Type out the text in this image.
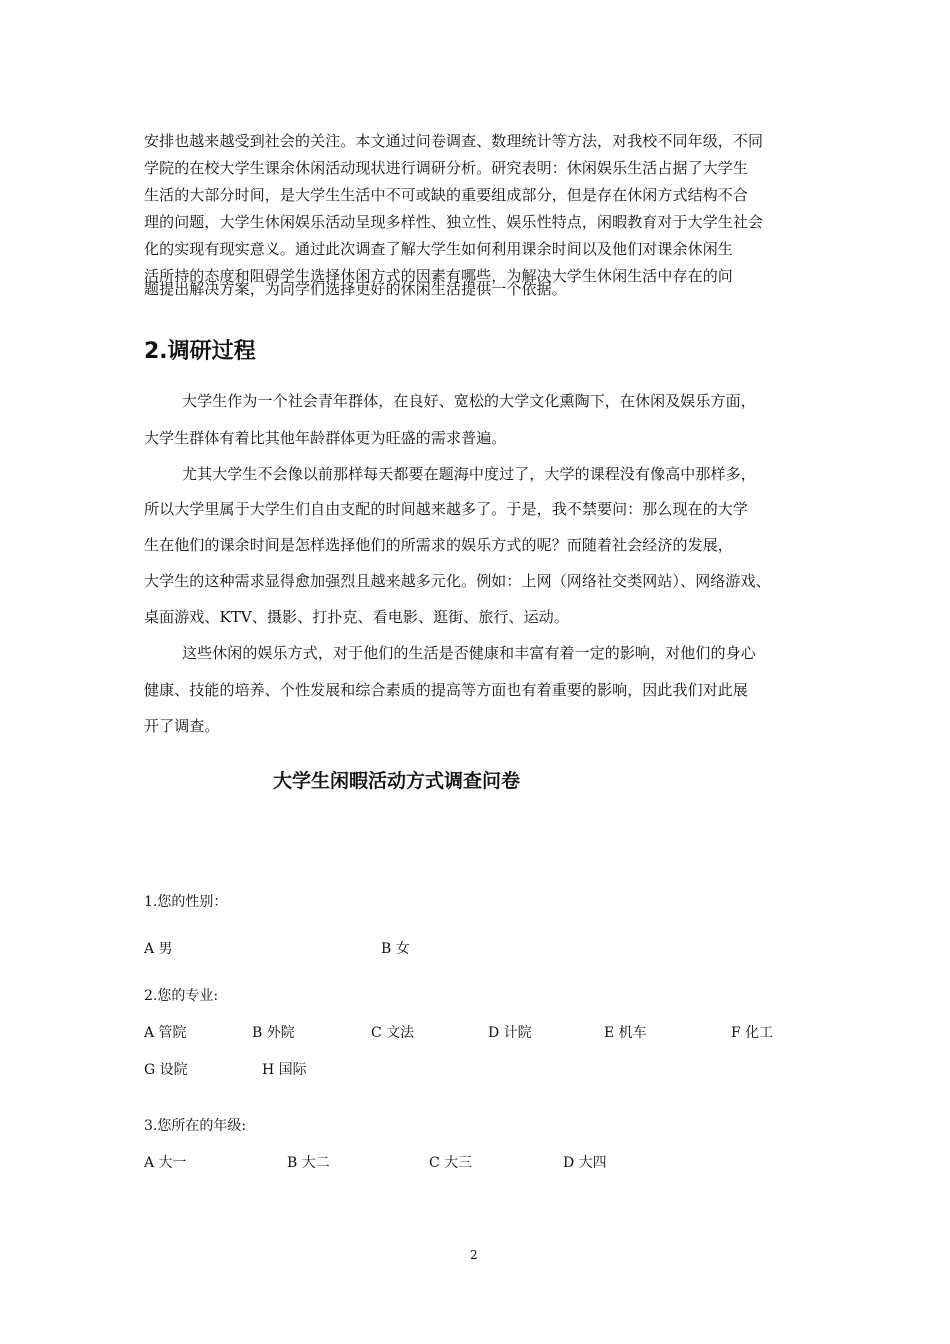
安排也越来越受到社会的关注。本文通过问卷调查、数理统计等方法，对我校不同年级，不同
学院的在校大学生课余休闲活动现状进行调研分析。研究表明：休闲娱乐生活占据了大学生
生活的大部分时间，是大学生生活中不可或缺的重要组成部分，但是存在休闲方式结构不合
理的问题，大学生休闲娱乐活动呈现多样性、独立性、娱乐性特点，闲暇教育对于大学生社会
化的实现有现实意义。通过此次调查了解大学生如何利用课余时间以及他们对课余休闲生
活所持的态度和阻碍学生选择休闲方式的因素有哪些，为解决大学生休闲生活中存在的问
题提出解决方案，为同学们选择更好的休闲生活提供一个依据。
2.调研过程
大学生作为一个社会青年群体，在良好、宽松的大学文化熏陶下，在休闲及娱乐方面，
大学生群体有着比其他年龄群体更为旺盛的需求普遍。
尤其大学生不会像以前那样每天都要在题海中度过了，大学的课程没有像高中那样多，
所以大学里属于大学生们自由支配的时间越来越多了。于是，我不禁要问：那么现在的大学
生在他们的课余时间是怎样选择他们的所需求的娱乐方式的呢？而随着社会经济的发展，
大学生的这种需求显得愈加强烈且越来越多元化。例如：上网（网络社交类网站）、网络游戏、
桌面游戏、KTV、摄影、打扑克、看电影、逛街、旅行、运动。
这些休闲的娱乐方式，对于他们的生活是否健康和丰富有着一定的影响，对他们的身心
健康、技能的培养、个性发展和综合素质的提高等方面也有着重要的影响，因此我们对此展
开了调查。
大学生闲暇活动方式调查问卷
1.您的性别：
A 男	B 女
2.您的专业:
A 管院	B 外院	C 文法	D 计院	E 机车	F 化工
G 设院	H 国际
3.您所在的年级:
A 大一	B 大二	C 大三	D 大四
2
